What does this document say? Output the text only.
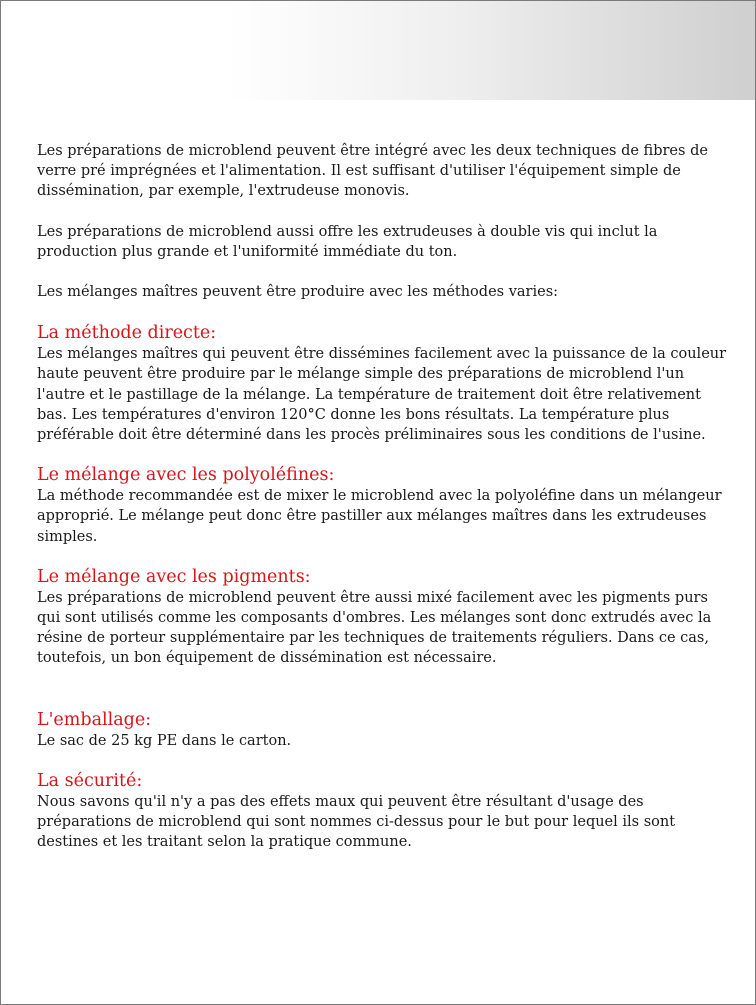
Les préparations de microblend peuvent être intégré avec les deux techniques de fibres de verre pré imprégnées et l'alimentation. Il est suffisant d'utiliser l'équipement simple de dissémination, par exemple, l'extrudeuse monovis.

Les préparations de microblend aussi offre les extrudeuses à double vis qui inclut la production plus grande et l'uniformité immédiate du ton.

Les mélanges maîtres peuvent être produire avec les méthodes varies:

La méthode directe:

Les mélanges maîtres qui peuvent être dissémines facilement avec la puissance de la couleur haute peuvent être produire par le mélange simple des préparations de microblend l'un l'autre et le pastillage de la mélange. La température de traitement doit être relativement bas. Les températures d'environ 120°C donne les bons résultats. La température plus préférable doit être déterminé dans les procès préliminaires sous les conditions de l'usine.

Le mélange avec les polyoléfines:

La méthode recommandée est de mixer le microblend avec la polyoléfine dans un mélangeur approprié. Le mélange peut donc être pastiller aux mélanges maîtres dans les extrudeuses simples.

Le mélange avec les pigments:

Les préparations de microblend peuvent être aussi mixé facilement avec les pigments purs qui sont utilisés comme les composants d'ombres. Les mélanges sont donc extrudés avec la résine de porteur supplémentaire par les techniques de traitements réguliers. Dans ce cas, toutefois, un bon équipement de dissémination est nécessaire.

L'emballage:

Le sac de 25 kg PE dans le carton.

La sécurité:

Nous savons qu'il n'y a pas des effets maux qui peuvent être résultant d'usage des préparations de microblend qui sont nommes ci-dessus pour le but pour lequel ils sont destines et les traitant selon la pratique commune.
